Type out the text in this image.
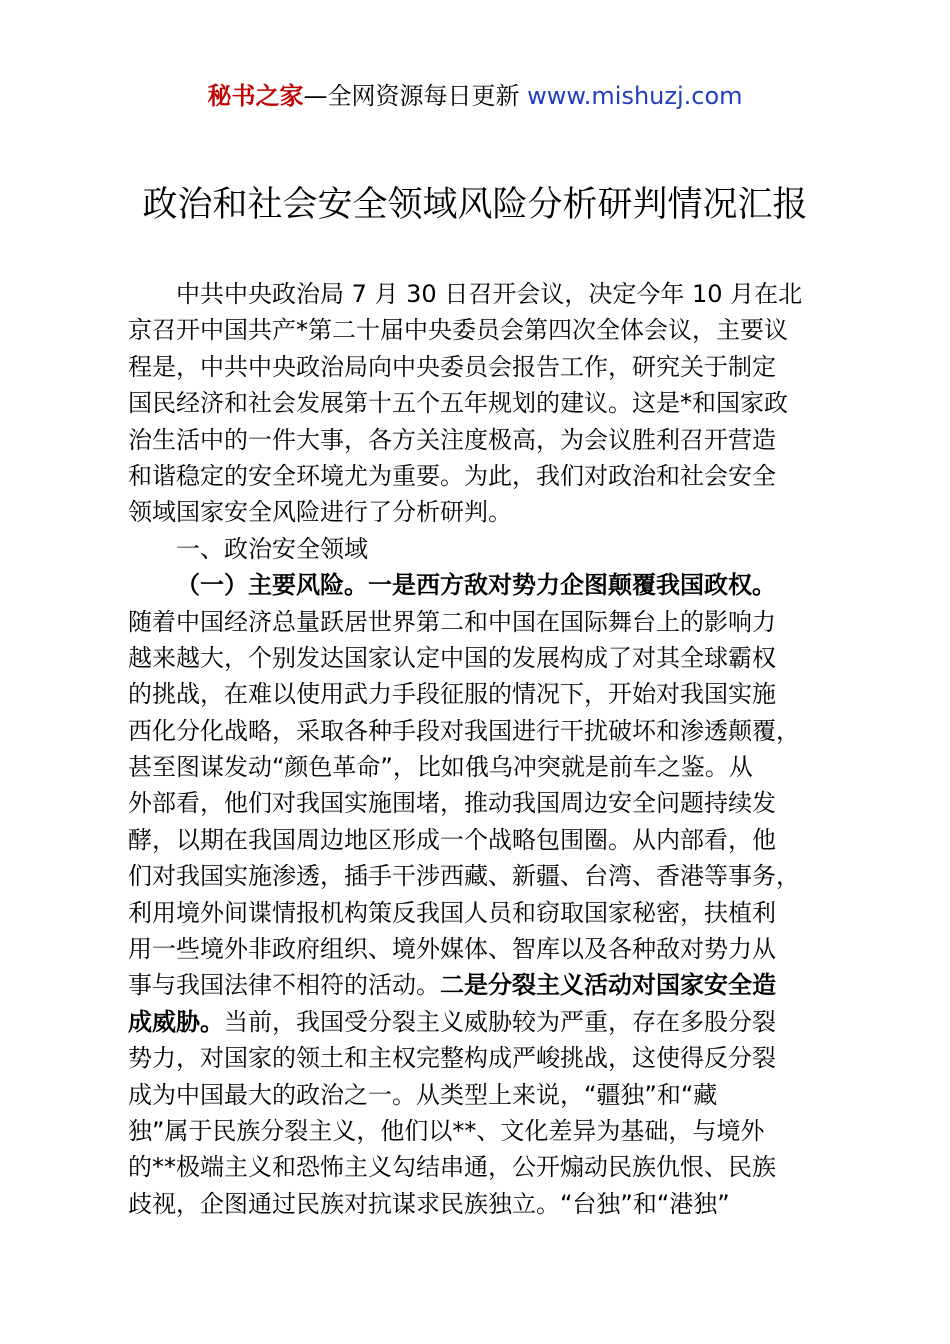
秘书之家—全网资源每日更新 www.mishuzj.com
政治和社会安全领域风险分析研判情况汇报
中共中央政治局 7 月 30 日召开会议，决定今年 10 月在北
京召开中国共产*第二十届中央委员会第四次全体会议，主要议
程是，中共中央政治局向中央委员会报告工作，研究关于制定
国民经济和社会发展第十五个五年规划的建议。这是*和国家政
治生活中的一件大事，各方关注度极高，为会议胜利召开营造
和谐稳定的安全环境尤为重要。为此，我们对政治和社会安全
领域国家安全风险进行了分析研判。
一、政治安全领域
（一）主要风险。一是西方敌对势力企图颠覆我国政权。
随着中国经济总量跃居世界第二和中国在国际舞台上的影响力
越来越大，个别发达国家认定中国的发展构成了对其全球霸权
的挑战，在难以使用武力手段征服的情况下，开始对我国实施
西化分化战略，采取各种手段对我国进行干扰破坏和渗透颠覆，
甚至图谋发动“颜色革命”，比如俄乌冲突就是前车之鉴。从
外部看，他们对我国实施围堵，推动我国周边安全问题持续发
酵，以期在我国周边地区形成一个战略包围圈。从内部看，他
们对我国实施渗透，插手干涉西藏、新疆、台湾、香港等事务，
利用境外间谍情报机构策反我国人员和窃取国家秘密，扶植利
用一些境外非政府组织、境外媒体、智库以及各种敌对势力从
事与我国法律不相符的活动。二是分裂主义活动对国家安全造
成威胁。当前，我国受分裂主义威胁较为严重，存在多股分裂
势力，对国家的领土和主权完整构成严峻挑战，这使得反分裂
成为中国最大的政治之一。从类型上来说，“疆独”和“藏
独”属于民族分裂主义，他们以**、文化差异为基础，与境外
的**极端主义和恐怖主义勾结串通，公开煽动民族仇恨、民族
歧视，企图通过民族对抗谋求民族独立。“台独”和“港独”
